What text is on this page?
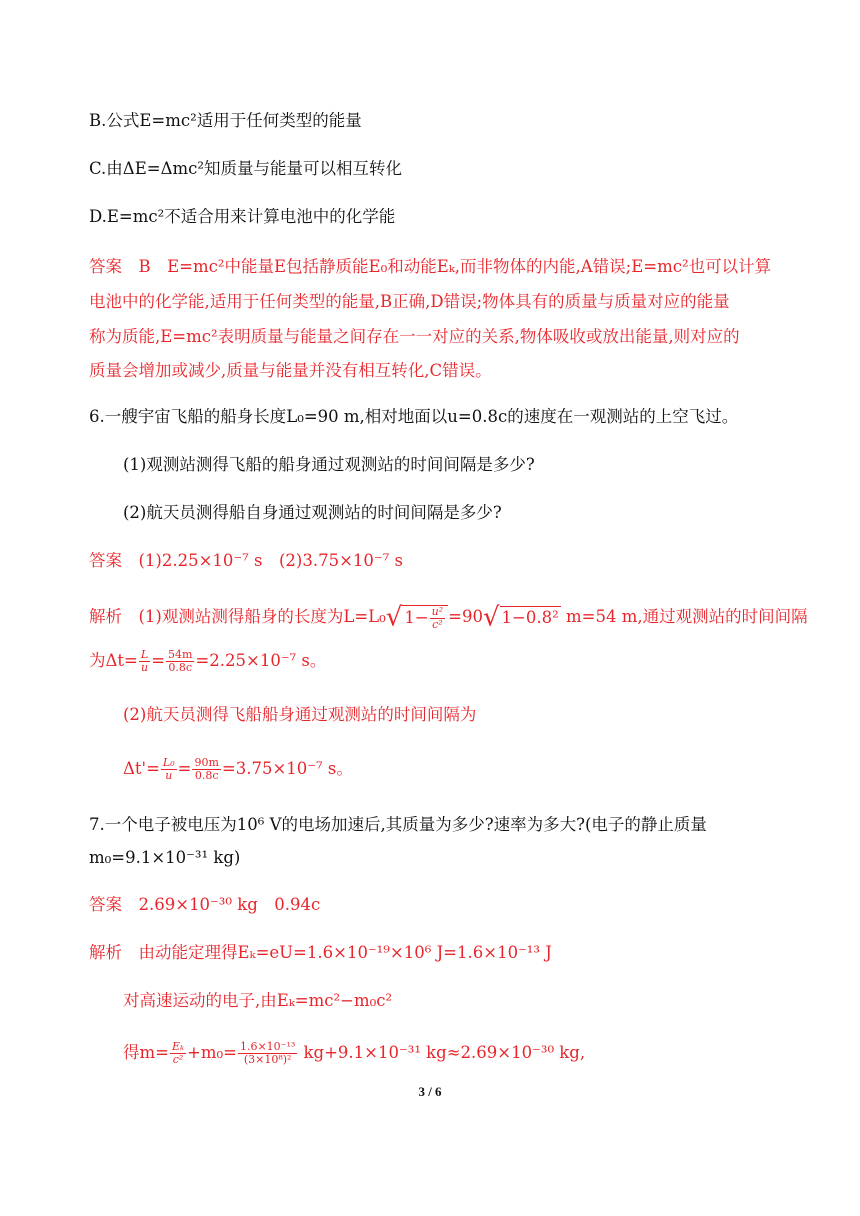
B.公式E=mc²适用于任何类型的能量
C.由ΔE=Δmc²知质量与能量可以相互转化
D.E=mc²不适合用来计算电池中的化学能
答案　B　E=mc²中能量E包括静质能E₀和动能Eₖ,而非物体的内能,A错误;E=mc²也可以计算
电池中的化学能,适用于任何类型的能量,B正确,D错误;物体具有的质量与质量对应的能量
称为质能,E=mc²表明质量与能量之间存在一一对应的关系,物体吸收或放出能量,则对应的
质量会增加或减少,质量与能量并没有相互转化,C错误。
6.一艘宇宙飞船的船身长度L₀=90 m,相对地面以u=0.8c的速度在一观测站的上空飞过。
(1)观测站测得飞船的船身通过观测站的时间间隔是多少?
(2)航天员测得船自身通过观测站的时间间隔是多少?
答案　(1)2.25×10⁻⁷ s　(2)3.75×10⁻⁷ s
解析　(1)观测站测得船身的长度为L=L₀√ $1- \frac{\text{u²}}{\text{c²}} =90√$ 1−0.8² m=54 m,通过观测站的时间间隔
为$\Delta t= \frac{L}{u} = \frac{54m}{0.8c} =2.25\times 10^{-7}$ s。
(2)航天员测得飞船船身通过观测站的时间间隔为
$\Delta t'= \frac{\text{L₀}}{u} = \frac{90m}{0.8c} =3.75\times 10^{-7}$ s。
7.一个电子被电压为10⁶ V的电场加速后,其质量为多少?速率为多大?(电子的静止质量
m₀=9.1×10⁻³¹ kg)
答案　2.69×10⁻³⁰ kg　0.94c
解析　由动能定理得Eₖ=eU=1.6×10⁻¹⁹×10⁶ J=1.6×10⁻¹³ J
对高速运动的电子,由Eₖ=mc²−m₀c²
得$m= \frac{\text{Eₖ}}{\text{c²}} +m_0= \frac{\text{1.6×10⁻¹³}}{\text{(3×10⁸)²}} kg+9.1\times 10^{-31}$ kg≈2.69×10⁻³⁰ kg,
3 / 6
